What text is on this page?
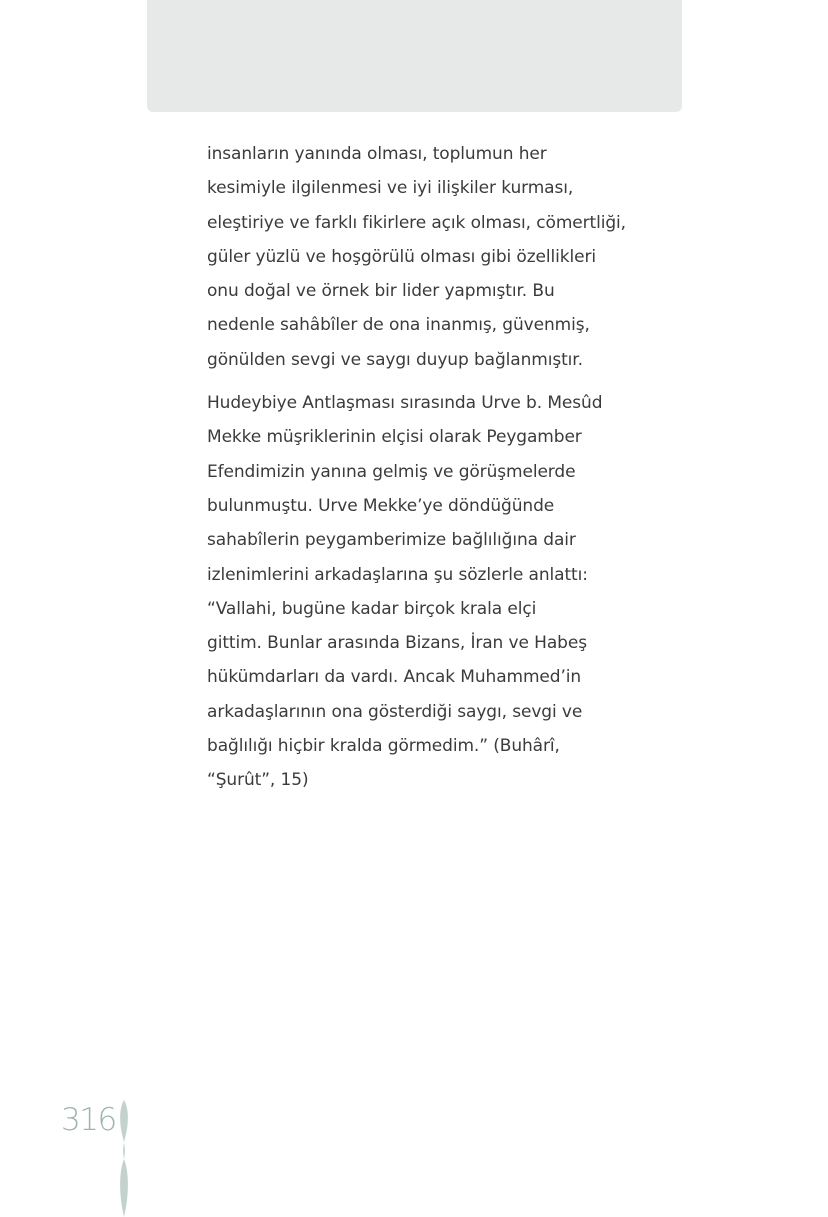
insanların yanında olması, toplumun her
kesimiyle ilgilenmesi ve iyi ilişkiler kurması,
eleştiriye ve farklı fikirlere açık olması, cömertliği,
güler yüzlü ve hoşgörülü olması gibi özellikleri
onu doğal ve örnek bir lider yapmıştır. Bu
nedenle sahâbîler de ona inanmış, güvenmiş,
gönülden sevgi ve saygı duyup bağlanmıştır.
Hudeybiye Antlaşması sırasında Urve b. Mesûd
Mekke müşriklerinin elçisi olarak Peygamber
Efendimizin yanına gelmiş ve görüşmelerde
bulunmuştu. Urve Mekke’ye döndüğünde
sahabîlerin peygamberimize bağlılığına dair
izlenimlerini arkadaşlarına şu sözlerle anlattı:
“Vallahi, bugüne kadar birçok krala elçi
gittim. Bunlar arasında Bizans, İran ve Habeş
hükümdarları da vardı. Ancak Muhammed’in
arkadaşlarının ona gösterdiği saygı, sevgi ve
bağlılığı hiçbir kralda görmedim.” (Buhârî,
“Şurût”, 15)
316
